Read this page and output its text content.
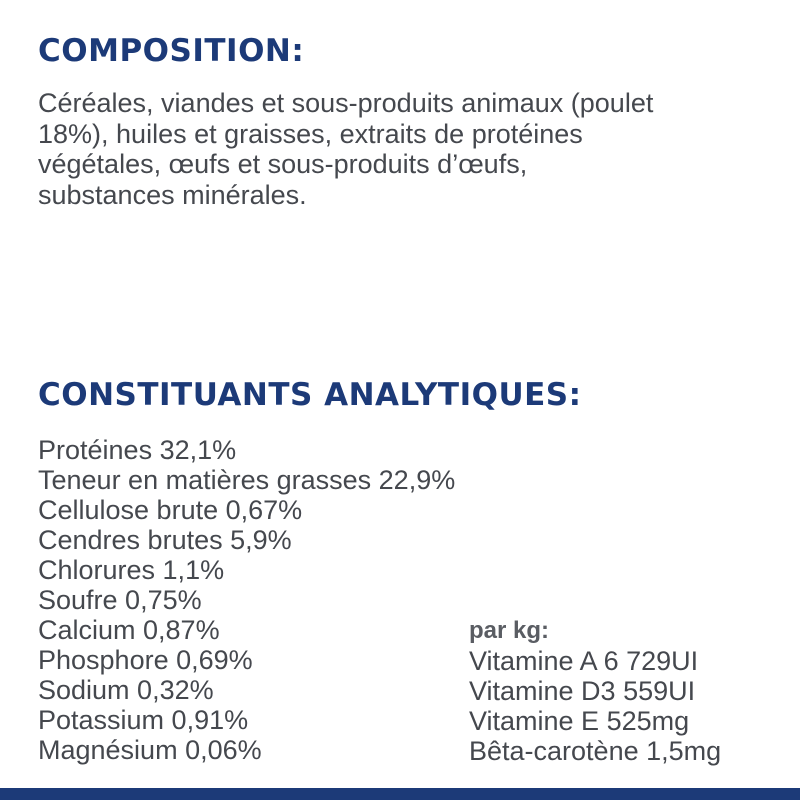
COMPOSITION:

Céréales, viandes et sous-produits animaux (poulet
18%), huiles et graisses, extraits de protéines
végétales, œufs et sous-produits d’œufs,
substances minérales.

CONSTITUANTS ANALYTIQUES:
Protéines 32,1%
Teneur en matières grasses 22,9%
Cellulose brute 0,67%
Cendres brutes 5,9%
Chlorures 1,1%
Soufre 0,75%
Calcium 0,87%
Phosphore 0,69%
Sodium 0,32%
Potassium 0,91%
Magnésium 0,06%
par kg:
Vitamine A 6 729UI
Vitamine D3 559UI
Vitamine E 525mg
Bêta-carotène 1,5mg
